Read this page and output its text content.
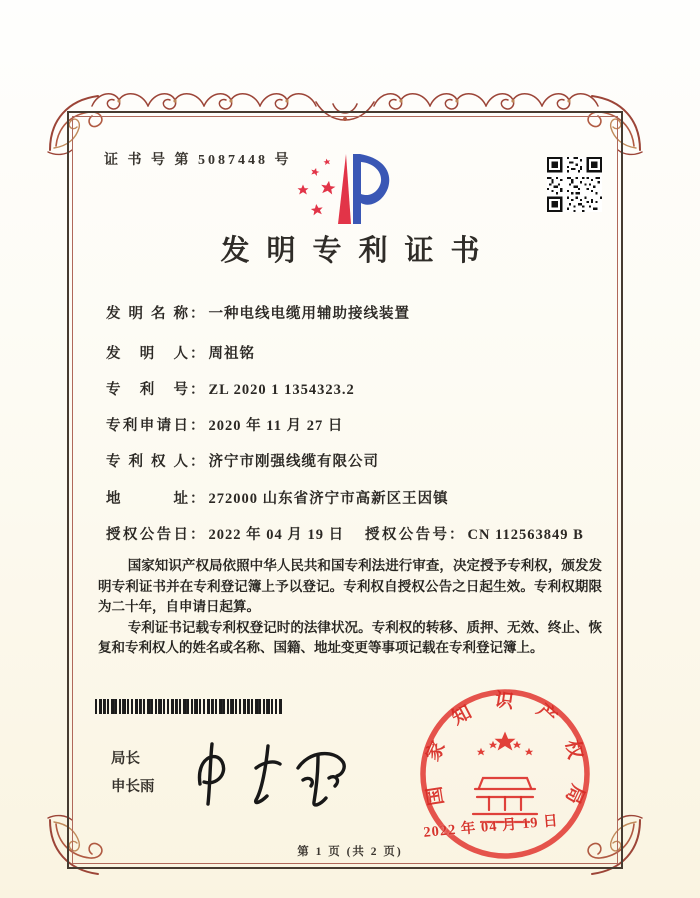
证 书 号 第 5087448 号
发明专利证书
发明名称 ： 一种电线电缆用辅助接线装置
发明人 ： 周祖铭
专利号 ： ZL 2020 1 1354323.2
专利申请日 ： 2020 年 11 月 27 日
专利权人 ： 济宁市刚强线缆有限公司
地址 ： 272000 山东省济宁市高新区王因镇
授权公告日 ： 2022 年 04 月 19 日 授权公告号 ： CN 112563849 B

国家知识产权局依照中华人民共和国专利法进行审查，决定授予专利权，颁发发明专利证书并在专利登记簿上予以登记。专利权自授权公告之日起生效。专利权期限为二十年，自申请日起算。

专利证书记载专利权登记时的法律状况。专利权的转移、质押、无效、终止、恢复和专利权人的姓名或名称、国籍、地址变更等事项记载在专利登记簿上。

局长
申长雨	国家知识产权局
2022 年 04 月 19 日
第 1 页 (共 2 页)
